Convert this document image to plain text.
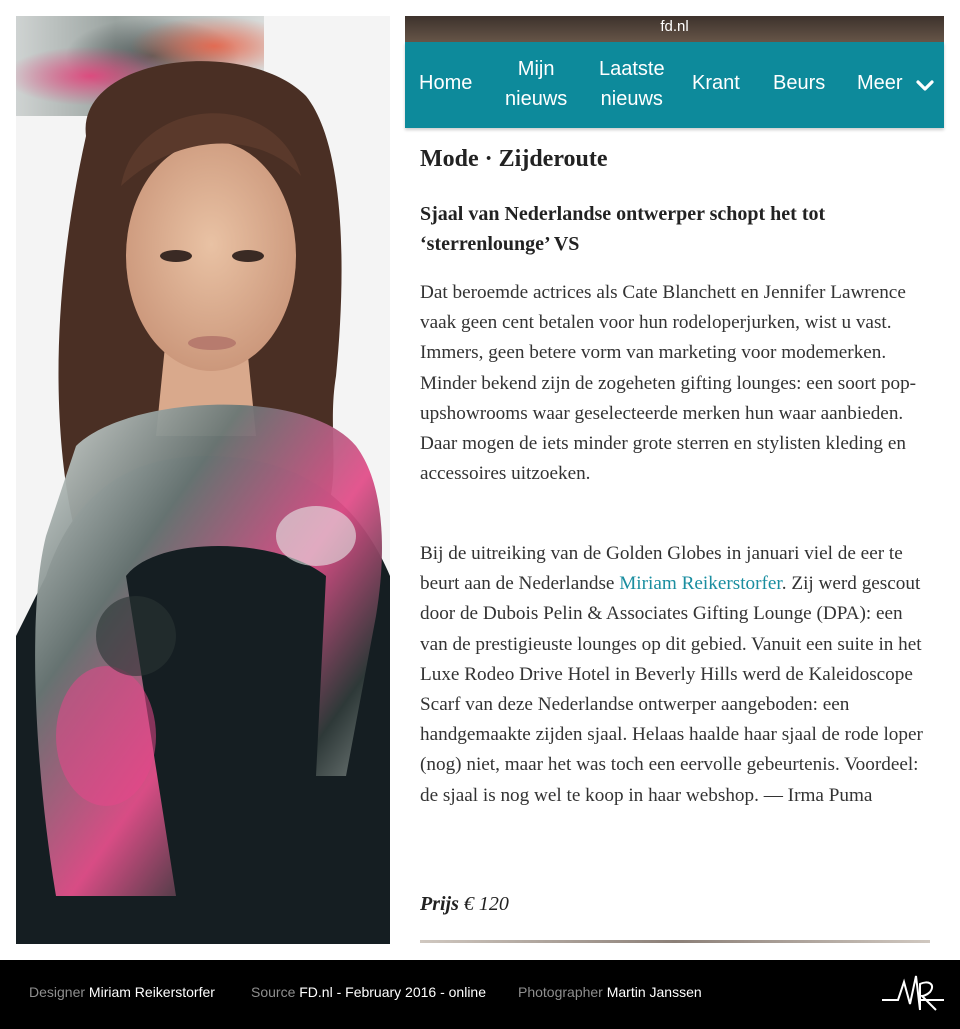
fd.nl
Home
Mijn
nieuws
Laatste
nieuws
Krant Beurs Meer
Mode · Zijderoute
Sjaal van Nederlandse ontwerper schopt het tot ‘sterrenlounge’ VS

Dat beroemde actrices als Cate Blanchett en Jennifer Lawrence vaak geen cent betalen voor hun rodeloperjurken, wist u vast. Immers, geen betere vorm van marketing voor modemerken. Minder bekend zijn de zogeheten gifting lounges: een soort pop-upshowrooms waar geselecteerde merken hun waar aanbieden. Daar mogen de iets minder grote sterren en stylisten kleding en accessoires uitzoeken.

Bij de uitreiking van de Golden Globes in januari viel de eer te beurt aan de Nederlandse Miriam Reikerstorfer. Zij werd gescout door de Dubois Pelin & Associates Gifting Lounge (DPA): een van de prestigieuste lounges op dit gebied. Vanuit een suite in het Luxe Rodeo Drive Hotel in Beverly Hills werd de Kaleidoscope Scarf van deze Nederlandse ontwerper aangeboden: een handgemaakte zijden sjaal. Helaas haalde haar sjaal de rode loper (nog) niet, maar het was toch een eervolle gebeurtenis. Voordeel: de sjaal is nog wel te koop in haar webshop. — Irma Puma

Prijs € 120
Designer Miriam Reikerstorfer	Source FD.nl - February 2016 - online Photographer Martin Janssen
